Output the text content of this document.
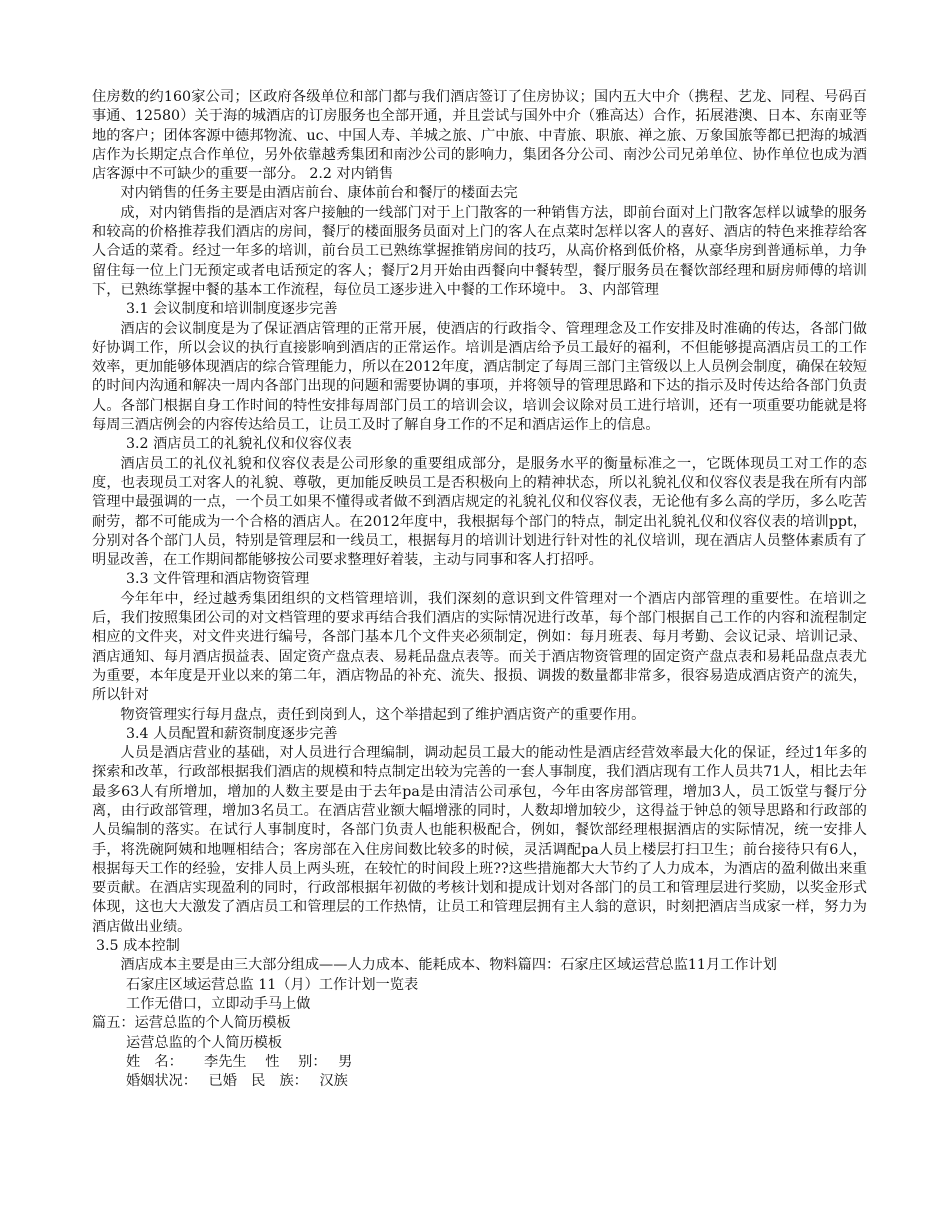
住房数的约160家公司；区政府各级单位和部门都与我们酒店签订了住房协议；国内五大中介（携程、艺龙、同程、号码百事通、12580）关于海的城酒店的订房服务也全部开通，并且尝试与国外中介（雅高达）合作，拓展港澳、日本、东南亚等地的客户；团体客源中德邦物流、uc、中国人寿、羊城之旅、广中旅、中青旅、职旅、禅之旅、万象国旅等都已把海的城酒店作为长期定点合作单位，另外依靠越秀集团和南沙公司的影响力，集团各分公司、南沙公司兄弟单位、协作单位也成为酒店客源中不可缺少的重要一部分。 2.2 对内销售

对内销售的任务主要是由酒店前台、康体前台和餐厅的楼面去完

成，对内销售指的是酒店对客户接触的一线部门对于上门散客的一种销售方法，即前台面对上门散客怎样以诚挚的服务和较高的价格推荐我们酒店的房间，餐厅的楼面服务员面对上门的客人在点菜时怎样以客人的喜好、酒店的特色来推荐给客人合适的菜肴。经过一年多的培训，前台员工已熟练掌握推销房间的技巧，从高价格到低价格，从豪华房到普通标单，力争留住每一位上门无预定或者电话预定的客人；餐厅2月开始由西餐向中餐转型，餐厅服务员在餐饮部经理和厨房师傅的培训下，已熟练掌握中餐的基本工作流程，每位员工逐步进入中餐的工作环境中。 3、内部管理

3.1 会议制度和培训制度逐步完善

酒店的会议制度是为了保证酒店管理的正常开展，使酒店的行政指令、管理理念及工作安排及时准确的传达，各部门做好协调工作，所以会议的执行直接影响到酒店的正常运作。培训是酒店给予员工最好的福利，不但能够提高酒店员工的工作效率，更加能够体现酒店的综合管理能力，所以在2012年度，酒店制定了每周三部门主管级以上人员例会制度，确保在较短的时间内沟通和解决一周内各部门出现的问题和需要协调的事项，并将领导的管理思路和下达的指示及时传达给各部门负责人。各部门根据自身工作时间的特性安排每周部门员工的培训会议，培训会议除对员工进行培训，还有一项重要功能就是将每周三酒店例会的内容传达给员工，让员工及时了解自身工作的不足和酒店运作上的信息。

3.2 酒店员工的礼貌礼仪和仪容仪表

酒店员工的礼仪礼貌和仪容仪表是公司形象的重要组成部分，是服务水平的衡量标准之一，它既体现员工对工作的态度，也表现员工对客人的礼貌、尊敬，更加能反映员工是否积极向上的精神状态，所以礼貌礼仪和仪容仪表是我在所有内部管理中最强调的一点，一个员工如果不懂得或者做不到酒店规定的礼貌礼仪和仪容仪表，无论他有多么高的学历，多么吃苦耐劳，都不可能成为一个合格的酒店人。在2012年度中，我根据每个部门的特点，制定出礼貌礼仪和仪容仪表的培训ppt，分别对各个部门人员，特别是管理层和一线员工，根据每月的培训计划进行针对性的礼仪培训，现在酒店人员整体素质有了明显改善，在工作期间都能够按公司要求整理好着装，主动与同事和客人打招呼。

3.3 文件管理和酒店物资管理

今年年中，经过越秀集团组织的文档管理培训，我们深刻的意识到文件管理对一个酒店内部管理的重要性。在培训之后，我们按照集团公司的对文档管理的要求再结合我们酒店的实际情况进行改革，每个部门根据自己工作的内容和流程制定相应的文件夹，对文件夹进行编号，各部门基本几个文件夹必须制定，例如：每月班表、每月考勤、会议记录、培训记录、酒店通知、每月酒店损益表、固定资产盘点表、易耗品盘点表等。而关于酒店物资管理的固定资产盘点表和易耗品盘点表尤为重要，本年度是开业以来的第二年，酒店物品的补充、流失、报损、调拨的数量都非常多，很容易造成酒店资产的流失，所以针对

物资管理实行每月盘点，责任到岗到人，这个举措起到了维护酒店资产的重要作用。

3.4 人员配置和薪资制度逐步完善

人员是酒店营业的基础，对人员进行合理编制，调动起员工最大的能动性是酒店经营效率最大化的保证，经过1年多的探索和改革，行政部根据我们酒店的规模和特点制定出较为完善的一套人事制度，我们酒店现有工作人员共71人，相比去年最多63人有所增加，增加的人数主要是由于去年pa是由清洁公司承包，今年由客房部管理，增加3人，员工饭堂与餐厅分离，由行政部管理，增加3名员工。在酒店营业额大幅增涨的同时，人数却增加较少，这得益于钟总的领导思路和行政部的人员编制的落实。在试行人事制度时，各部门负责人也能积极配合，例如，餐饮部经理根据酒店的实际情况，统一安排人手，将洗碗阿姨和地喱相结合；客房部在入住房间数比较多的时候，灵活调配pa人员上楼层打扫卫生；前台接待只有6人，根据每天工作的经验，安排人员上两头班，在较忙的时间段上班??这些措施都大大节约了人力成本，为酒店的盈利做出来重要贡献。在酒店实现盈利的同时，行政部根据年初做的考核计划和提成计划对各部门的员工和管理层进行奖励，以奖金形式体现，这也大大激发了酒店员工和管理层的工作热情，让员工和管理层拥有主人翁的意识，时刻把酒店当成家一样，努力为酒店做出业绩。

3.5 成本控制

酒店成本主要是由三大部分组成——人力成本、能耗成本、物料篇四：石家庄区域运营总监11月工作计划

石家庄区域运营总监 11（月）工作计划一览表

工作无借口，立即动手马上做

篇五：运营总监的个人简历模板

运营总监的个人简历模板

姓　名：　　李先生　 性　 别：　 男

婚姻状况：　 已婚　民　族：　 汉族
